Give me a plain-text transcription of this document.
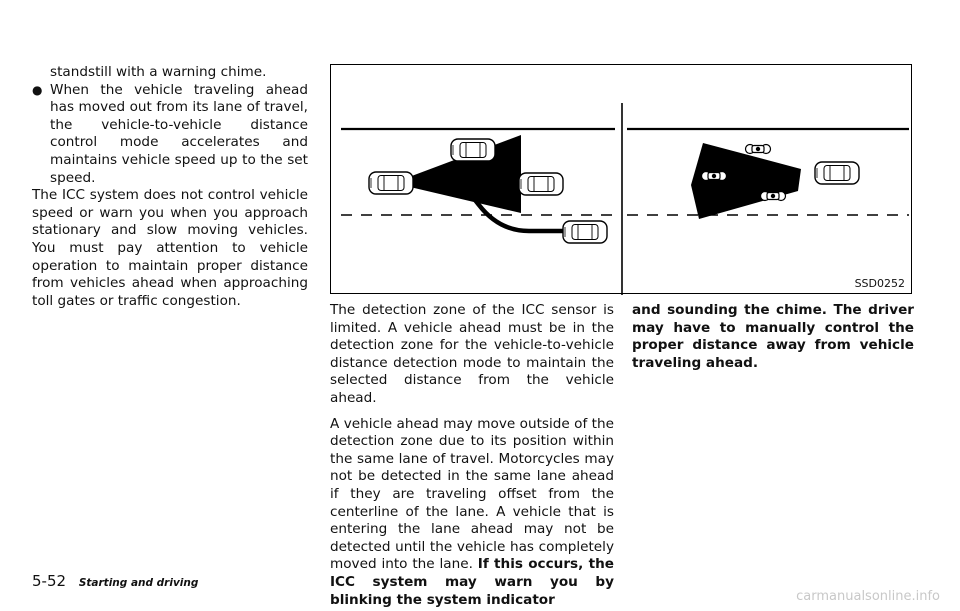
standstill with a warning chime.

● When the vehicle traveling ahead has moved out from its lane of travel, the vehicle-to-vehicle distance control mode accelerates and maintains vehicle speed up to the set speed.

The ICC system does not control vehicle speed or warn you when you approach stationary and slow moving vehicles. You must pay attention to vehicle operation to maintain proper distance from vehicles ahead when approaching toll gates or traffic congestion.

SSD0252

The detection zone of the ICC sensor is limited. A vehicle ahead must be in the detection zone for the vehicle-to-vehicle distance detection mode to maintain the selected distance from the vehicle ahead.

A vehicle ahead may move outside of the detection zone due to its position within the same lane of travel. Motorcycles may not be detected in the same lane ahead if they are traveling offset from the centerline of the lane. A vehicle that is entering the lane ahead may not be detected until the vehicle has completely moved into the lane. If this occurs, the ICC system may warn you by blinking the system indicator

and sounding the chime. The driver may have to manually control the proper distance away from vehicle traveling ahead.

5-52 Starting and driving
carmanualsonline.info
